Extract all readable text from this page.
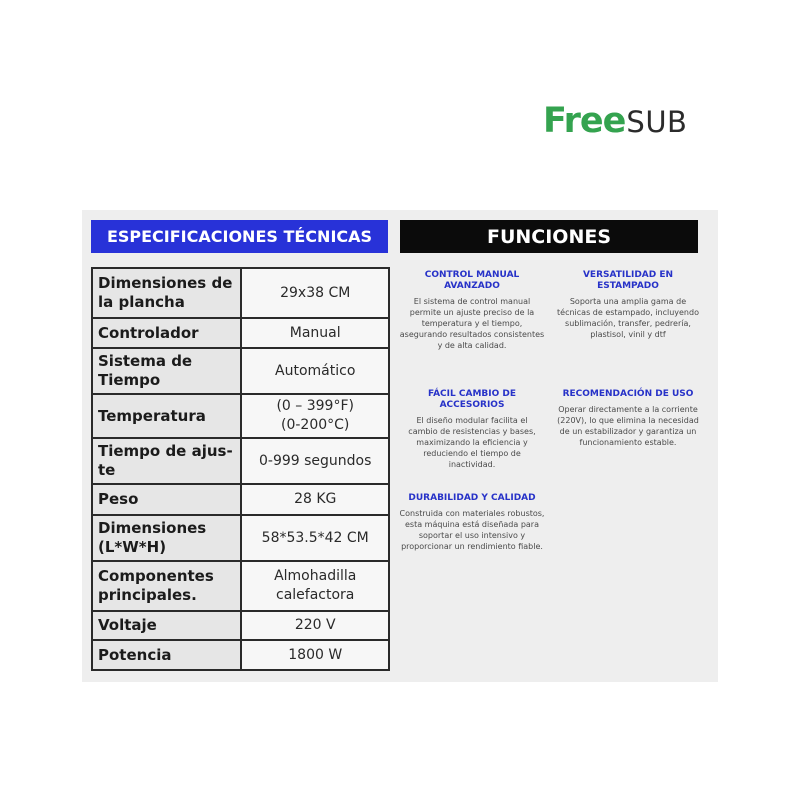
Free SUB
ESPECIFICACIONES TÉCNICAS	FUNCIONES
Dimensiones de la plancha	29x38 CM
Controlador	Manual
Sistema de Tiempo	Automático
Temperatura	(0 – 399°F)
(0-200°C)
Tiempo de ajus-te	0-999 segundos
Peso	28 KG
Dimensiones (L*W*H)	58*53.5*42 CM
Componentes principales.	Almohadilla calefactora
Voltaje	220 V
Potencia	1800 W
CONTROL MANUAL
AVANZADO
El sistema de control manual permite un ajuste preciso de la temperatura y el tiempo, asegurando resultados consistentes y de alta calidad.
VERSATILIDAD EN
ESTAMPADO
Soporta una amplia gama de técnicas de estampado, incluyendo sublimación, transfer, pedrería, plastisol, vinil y dtf
FÁCIL CAMBIO DE
ACCESORIOS
El diseño modular facilita el cambio de resistencias y bases, maximizando la eficiencia y reduciendo el tiempo de inactividad.
RECOMENDACIÓN DE USO
Operar directamente a la corriente (220V), lo que elimina la necesidad de un estabilizador y garantiza un funcionamiento estable.
DURABILIDAD Y CALIDAD
Construida con materiales robustos, esta máquina está diseñada para soportar el uso intensivo y proporcionar un rendimiento fiable.
